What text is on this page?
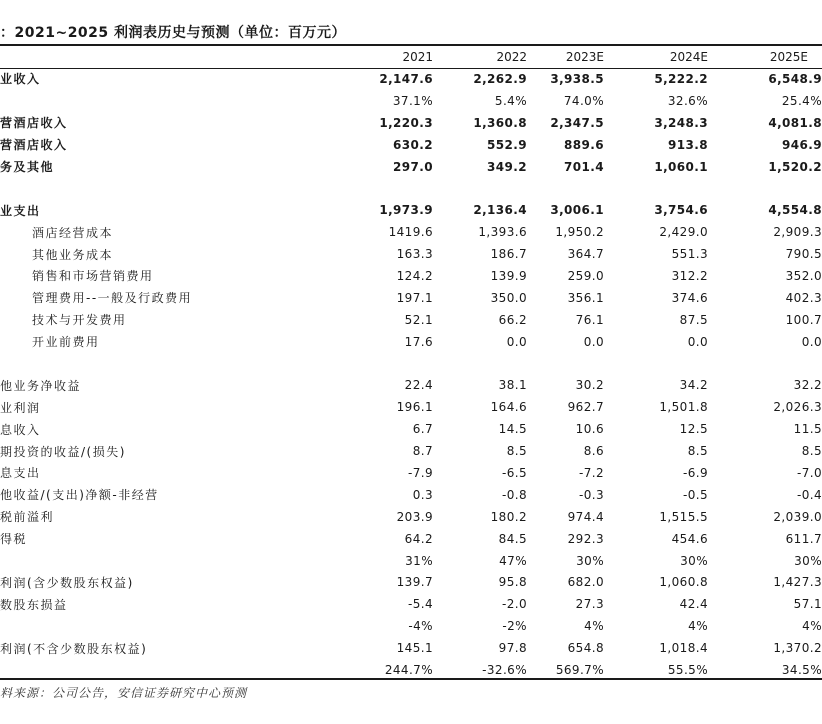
：2021~2025 利润表历史与预测（单位：百万元）
2021	2022	2023E	2024E	2025E
业收入	2,147.6	2,262.9	3,938.5	5,222.2	6,548.9
	37.1%	5.4%	74.0%	32.6%	25.4%
营酒店收入	1,220.3	1,360.8	2,347.5	3,248.3	4,081.8
营酒店收入	630.2	552.9	889.6	913.8	946.9
务及其他	297.0	349.2	701.4	1,060.1	1,520.2

业支出	1,973.9	2,136.4	3,006.1	3,754.6	4,554.8
酒店经营成本	1419.6	1,393.6	1,950.2	2,429.0	2,909.3
其他业务成本	163.3	186.7	364.7	551.3	790.5
销售和市场营销费用	124.2	139.9	259.0	312.2	352.0
管理费用--一般及行政费用	197.1	350.0	356.1	374.6	402.3
技术与开发费用	52.1	66.2	76.1	87.5	100.7
开业前费用	17.6	0.0	0.0	0.0	0.0

他业务净收益	22.4	38.1	30.2	34.2	32.2
业利润	196.1	164.6	962.7	1,501.8	2,026.3
息收入	6.7	14.5	10.6	12.5	11.5
期投资的收益/(损失)	8.7	8.5	8.6	8.5	8.5
息支出	-7.9	-6.5	-7.2	-6.9	-7.0
他收益/(支出)净额-非经营	0.3	-0.8	-0.3	-0.5	-0.4
税前溢利	203.9	180.2	974.4	1,515.5	2,039.0
得税	64.2	84.5	292.3	454.6	611.7
	31%	47%	30%	30%	30%
利润(含少数股东权益)	139.7	95.8	682.0	1,060.8	1,427.3
数股东损益	-5.4	-2.0	27.3	42.4	57.1
	-4%	-2%	4%	4%	4%
利润(不含少数股东权益)	145.1	97.8	654.8	1,018.4	1,370.2
	244.7%	-32.6%	569.7%	55.5%	34.5%
料来源：公司公告，安信证券研究中心预测
